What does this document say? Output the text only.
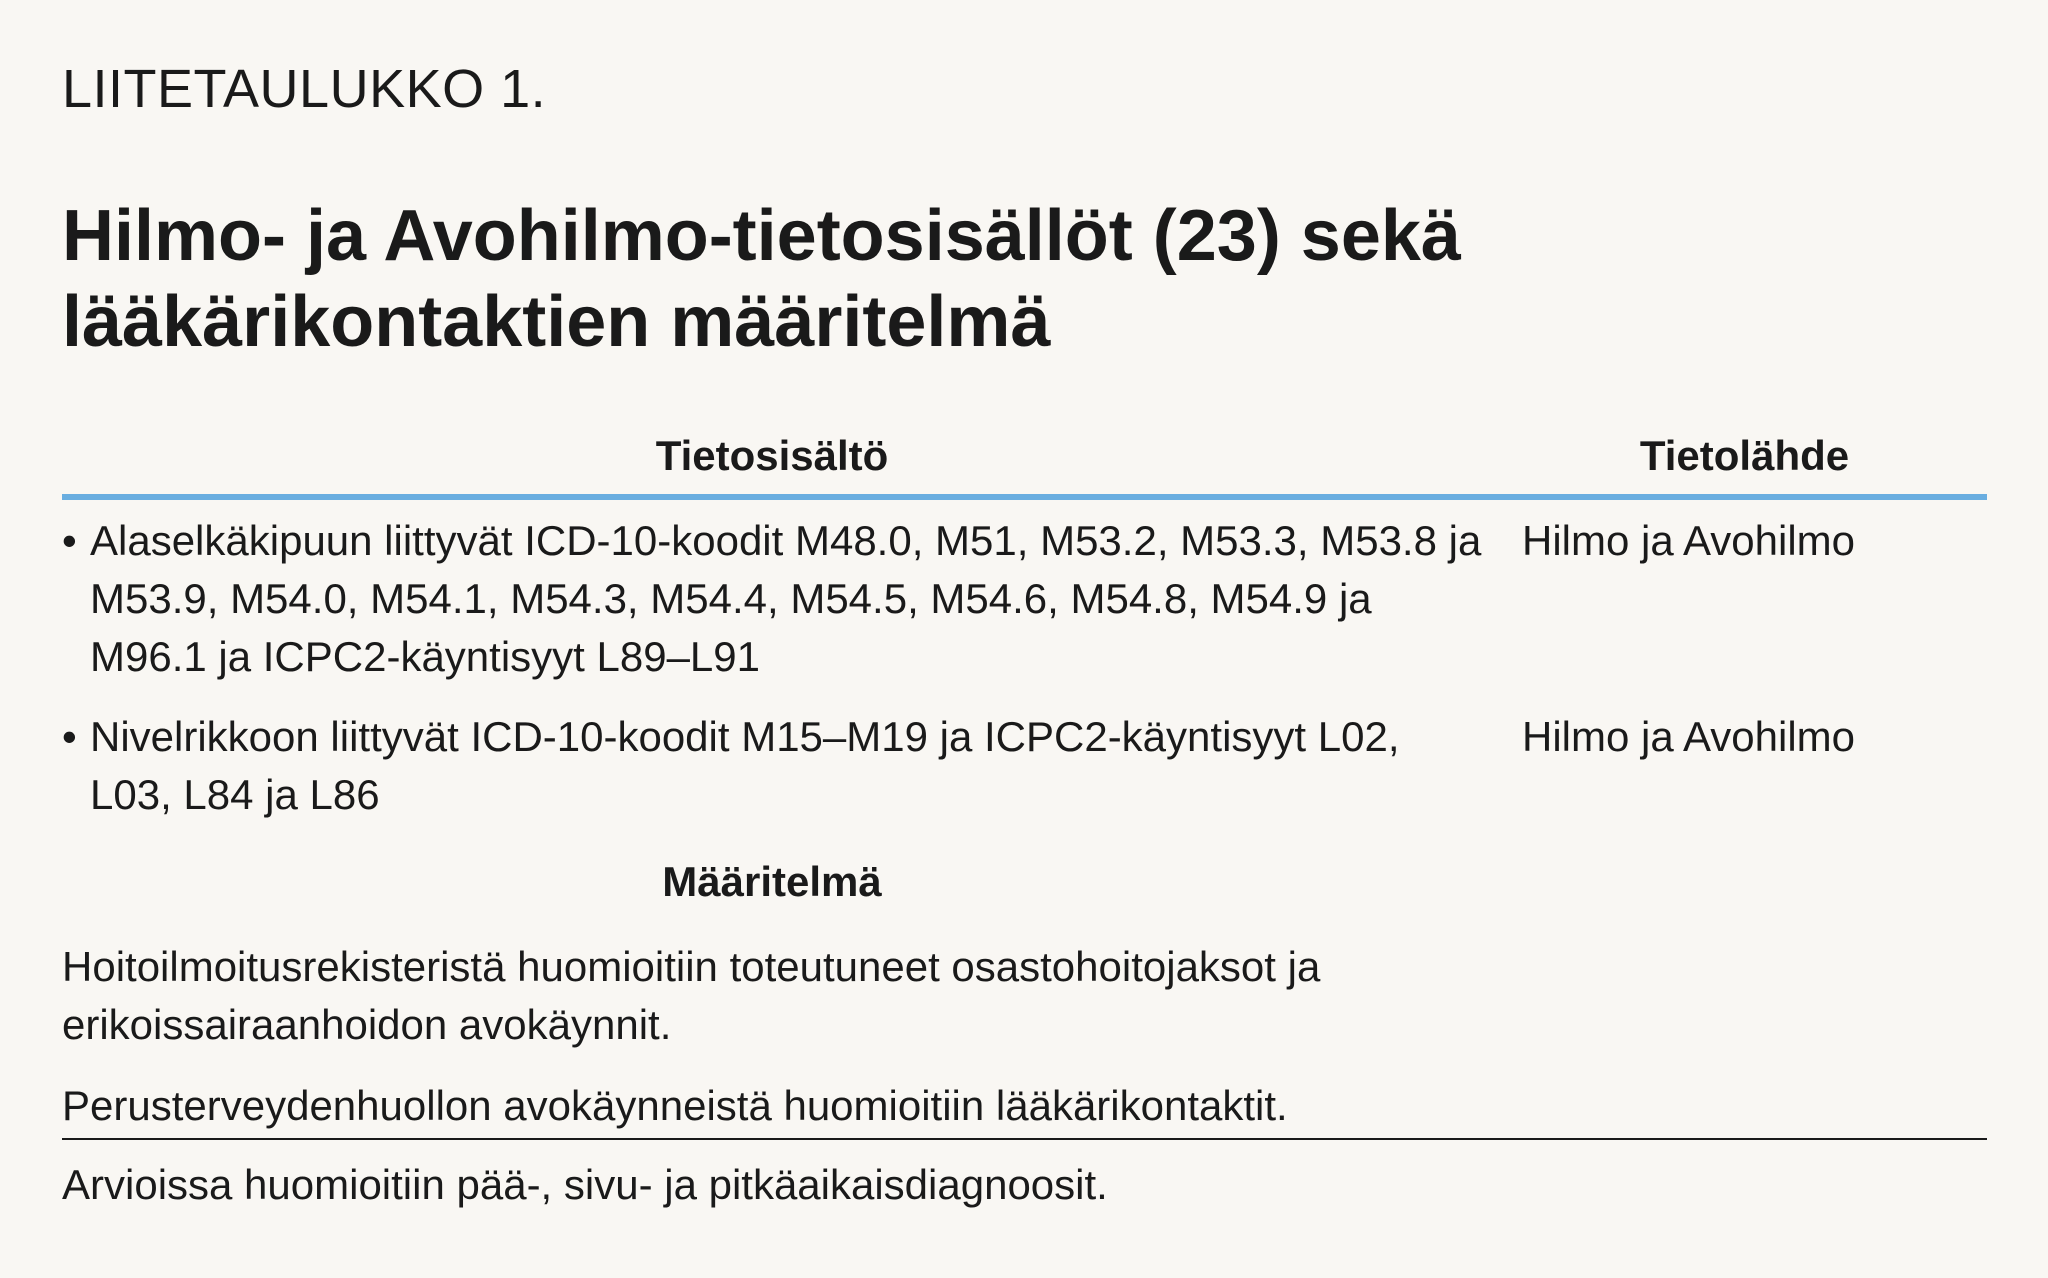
LIITETAULUKKO 1.
Hilmo- ja Avohilmo-tietosisällöt (23) sekä lääkärikontaktien määritelmä
Tietosisältö	Tietolähde
• Alaselkäkipuun liittyvät ICD-10-koodit M48.0, M51, M53.2, M53.3, M53.8 ja M53.9, M54.0, M54.1, M54.3, M54.4, M54.5, M54.6, M54.8, M54.9 ja M96.1 ja ICPC2-käyntisyyt L89–L91
Hilmo ja Avohilmo
• Nivelrikkoon liittyvät ICD-10-koodit M15–M19 ja ICPC2-käyntisyyt L02, L03, L84 ja L86
Hilmo ja Avohilmo
Määritelmä
Hoitoilmoitusrekisteristä huomioitiin toteutuneet osastohoitojaksot ja erikoissairaanhoidon avokäynnit.
Perusterveydenhuollon avokäynneistä huomioitiin lääkärikontaktit.
Arvioissa huomioitiin pää-, sivu- ja pitkäaikaisdiagnoosit.
